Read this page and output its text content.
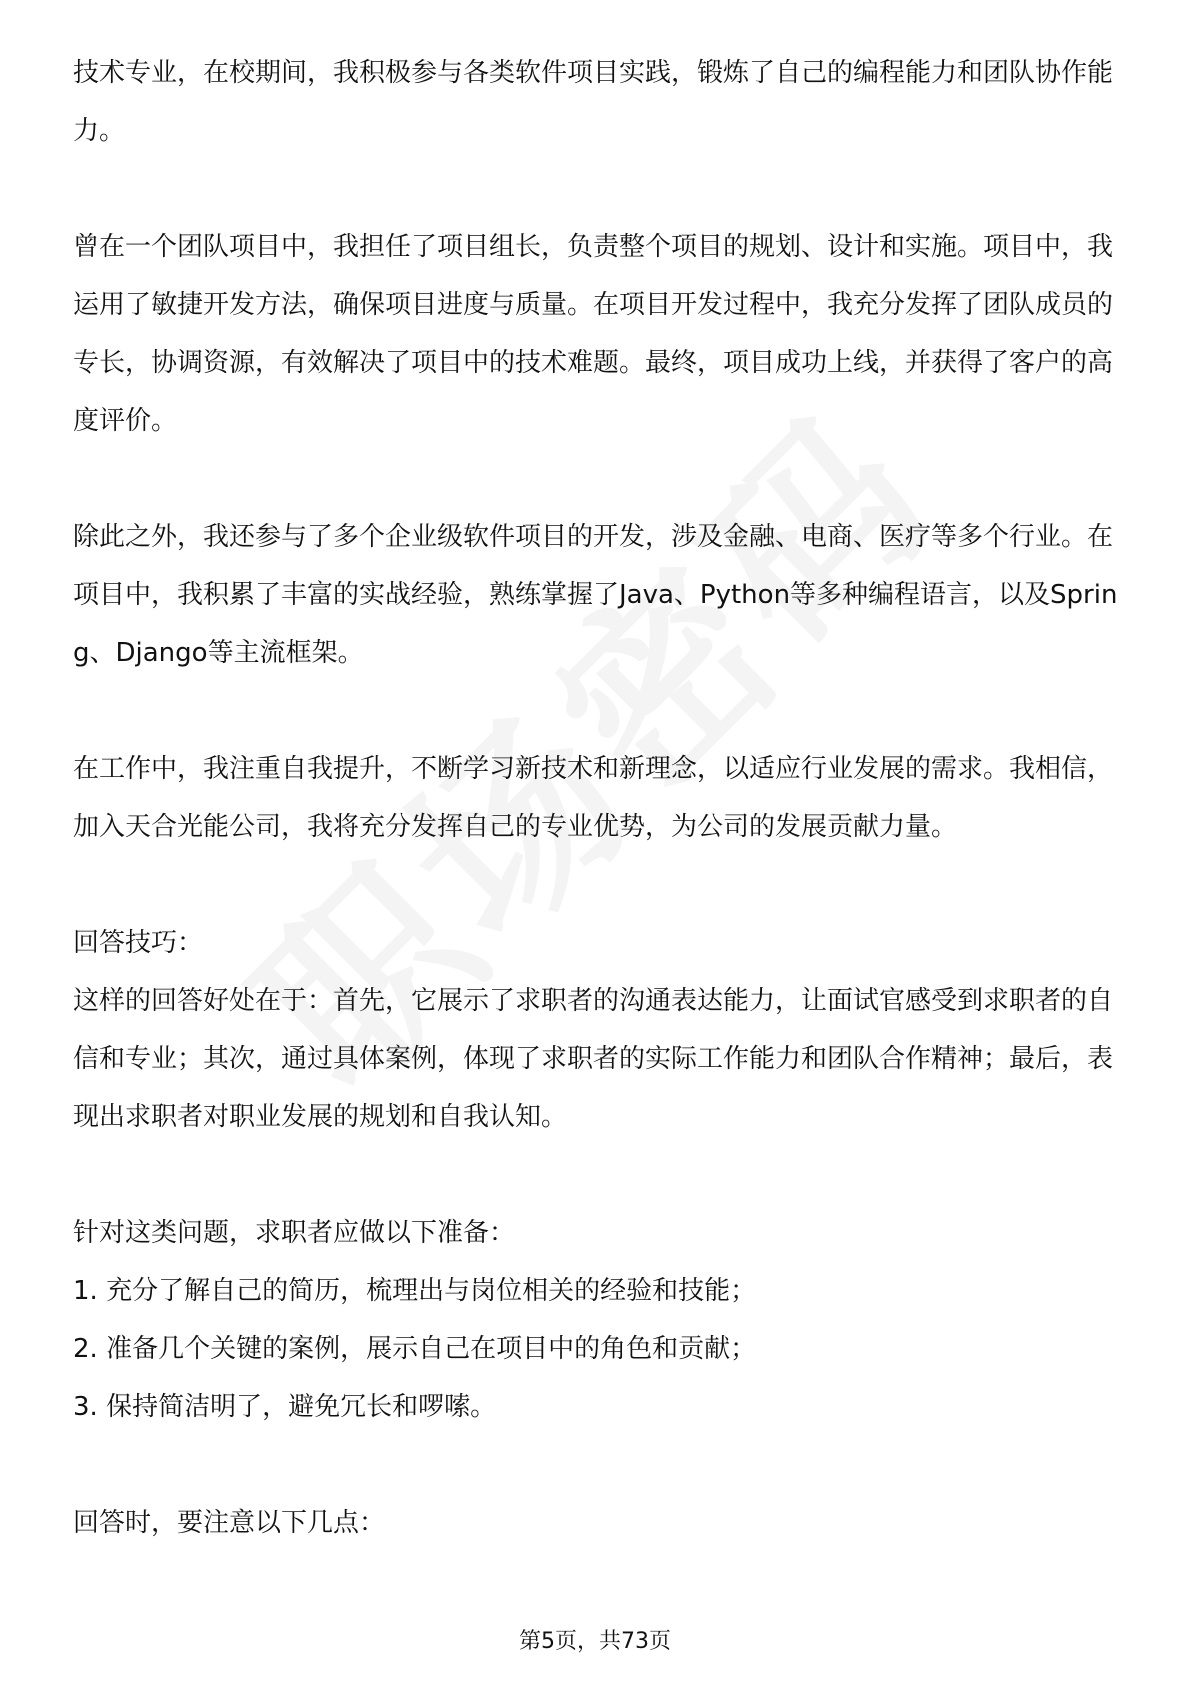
技术专业，在校期间，我积极参与各类软件项目实践，锻炼了自己的编程能力和团队协作能力。

曾在一个团队项目中，我担任了项目组长，负责整个项目的规划、设计和实施。项目中，我运用了敏捷开发方法，确保项目进度与质量。在项目开发过程中，我充分发挥了团队成员的专长，协调资源，有效解决了项目中的技术难题。最终，项目成功上线，并获得了客户的高度评价。

除此之外，我还参与了多个企业级软件项目的开发，涉及金融、电商、医疗等多个行业。在项目中，我积累了丰富的实战经验，熟练掌握了Java、Python等多种编程语言，以及Spring、Django等主流框架。

在工作中，我注重自我提升，不断学习新技术和新理念，以适应行业发展的需求。我相信，加入天合光能公司，我将充分发挥自己的专业优势，为公司的发展贡献力量。

回答技巧：

这样的回答好处在于：首先，它展示了求职者的沟通表达能力，让面试官感受到求职者的自信和专业；其次，通过具体案例，体现了求职者的实际工作能力和团队合作精神；最后，表现出求职者对职业发展的规划和自我认知。

针对这类问题，求职者应做以下准备：

1. 充分了解自己的简历，梳理出与岗位相关的经验和技能；

2. 准备几个关键的案例，展示自己在项目中的角色和贡献；

3. 保持简洁明了，避免冗长和啰嗦。

回答时，要注意以下几点：

第5页，共73页
